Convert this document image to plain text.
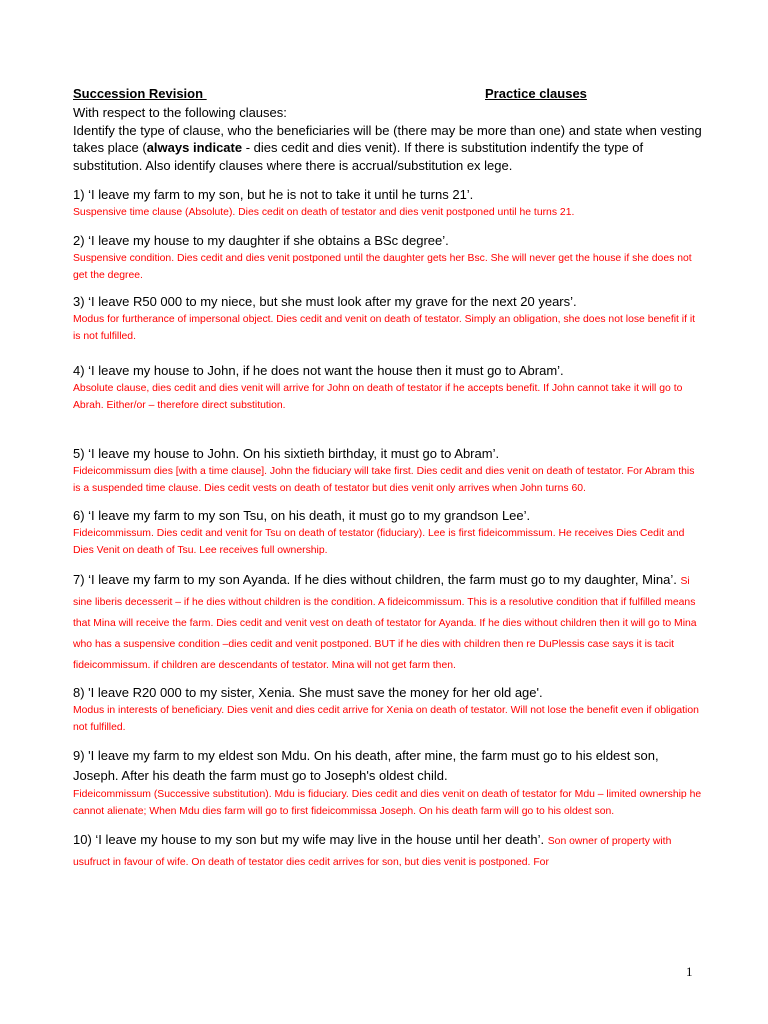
Succession Revision	Practice clauses

With respect to the following clauses:

Identify the type of clause, who the beneficiaries will be (there may be more than one) and state when vesting takes place (always indicate - dies cedit and dies venit). If there is substitution indentify the type of substitution. Also identify clauses where there is accrual/substitution ex lege.

1) ‘I leave my farm to my son, but he is not to take it until he turns 21’.

Suspensive time clause (Absolute). Dies cedit on death of testator and dies venit postponed until he turns 21.

2) ‘I leave my house to my daughter if she obtains a BSc degree’.

Suspensive condition. Dies cedit and dies venit postponed until the daughter gets her Bsc. She will never get the house if she does not get the degree.

3) ‘I leave R50 000 to my niece, but she must look after my grave for the next 20 years’.

Modus for furtherance of impersonal object. Dies cedit and venit on death of testator. Simply an obligation, she does not lose benefit if it is not fulfilled.

4) ‘I leave my house to John, if he does not want the house then it must go to Abram’.

Absolute clause, dies cedit and dies venit will arrive for John on death of testator if he accepts benefit. If John cannot take it will go to Abrah. Either/or – therefore direct substitution.

5) ‘I leave my house to John. On his sixtieth birthday, it must go to Abram’.

Fideicommissum dies [with a time clause]. John the fiduciary will take first. Dies cedit and dies venit on death of testator. For Abram this is a suspended time clause. Dies cedit vests on death of testator but dies venit only arrives when John turns 60.

6) ‘I leave my farm to my son Tsu, on his death, it must go to my grandson Lee’.

Fideicommissum. Dies cedit and venit for Tsu on death of testator (fiduciary). Lee is first fideicommissum. He receives Dies Cedit and Dies Venit on death of Tsu. Lee receives full ownership.

7) ‘I leave my farm to my son Ayanda. If he dies without children, the farm must go to my daughter, Mina’. Si sine liberis decesserit – if he dies without children is the condition. A fideicommissum. This is a resolutive condition that if fulfilled means that Mina will receive the farm. Dies cedit and venit vest on death of testator for Ayanda. If he dies without children then it will go to Mina who has a suspensive condition –dies cedit and venit postponed. BUT if he dies with children then re DuPlessis case says it is tacit fideicommissum. if children are descendants of testator. Mina will not get farm then.

8) 'I leave R20 000 to my sister, Xenia. She must save the money for her old age'.

Modus in interests of beneficiary. Dies venit and dies cedit arrive for Xenia on death of testator. Will not lose the benefit even if obligation not fulfilled.

9) 'I leave my farm to my eldest son Mdu. On his death, after mine, the farm must go to his eldest son, Joseph. After his death the farm must go to Joseph's oldest child.

Fideicommissum (Successive substitution). Mdu is fiduciary. Dies cedit and dies venit on death of testator for Mdu – limited ownership he cannot alienate; When Mdu dies farm will go to first fideicommissa Joseph. On his death farm will go to his oldest son.

10) ‘I leave my house to my son but my wife may live in the house until her death’. Son owner of property with usufruct in favour of wife. On death of testator dies cedit arrives for son, but dies venit is postponed. For

1
